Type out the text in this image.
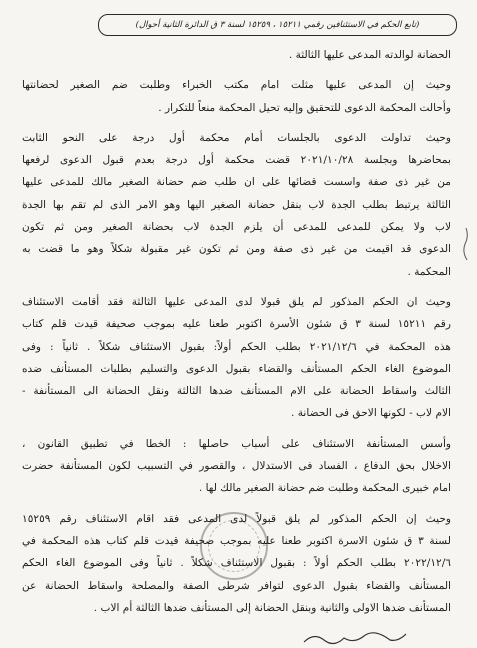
(تابع الحكم في الاستئنافين رقمي ١٥٢١١ ، ١٥٢٥٩ لسنة ٣ ق الدائرة الثانية أحوال)
الحضانة لوالدته المدعى عليها الثالثة .
وحيث إن المدعى عليها مثلت امام مكتب الخبراء وطلبت ضم الصغير لحضانتها
وأحالت المحكمة الدعوى للتحقيق وإليه تحيل المحكمة منعاً للتكرار .
وحيث تداولت الدعوى بالجلسات أمام محكمة أول درجة على النحو الثابت
بمحاضرها وبجلسة ٢٠٢١/١٠/٢٨ قضت محكمة أول درجة بعدم قبول الدعوى لرفعها
من غير ذى صفة واسست قضائها على ان طلب ضم حضانة الصغير مالك للمدعى عليها
الثالثة يرتبط بطلب الجدة لاب بنقل حضانة الصغير اليها وهو الامر الذى لم تقم بها الجدة
لاب ولا يمكن للمدعى للمدعى أن يلزم الجدة لاب بحضانة الصغير ومن ثم تكون
الدعوى قد اقيمت من غير ذى صفة ومن ثم تكون غير مقبولة شكلاً وهو ما قضت به
المحكمة .
وحيث ان الحكم المذكور لم يلق قبولا لدى المدعى عليها الثالثة فقد أقامت الاستئناف
رقم ١٥٢١١ لسنة ٣ ق شئون الأسرة اكتوبر طعنا عليه بموجب صحيفة قيدت قلم كتاب
هذه المحكمة في ٢٠٢١/١٢/٦ بطلب الحكم أولاً: بقبول الاستئناف شكلاً . ثانياً : وفى
الموضوع الغاء الحكم المستأنف والقضاء بقبول الدعوى والتسليم بطلبات المستأنف ضده
الثالث واسقاط الحضانة على الام المستأنف ضدها الثالثة ونقل الحضانة الى المستأنفة -
الام لاب - لكونها الاحق فى الحضانة .
وأسس المستأنفة الاستئناف على أسباب حاصلها : الخطا في تطبيق القانون ،
الاخلال بحق الدفاع ، الفساد فى الاستدلال ، والقصور في التسبيب لكون المستأنفة حضرت
امام خبيرى المحكمة وطلبت ضم حضانة الصغير مالك لها .
وحيث إن الحكم المذكور لم يلق قبولاً لدى المدعى فقد اقام الاستئناف رقم ١٥٢٥٩
لسنة ٣ ق شئون الاسرة اكتوبر طعنا عليه بموجب صحيفة قيدت قلم كتاب هذه المحكمة في
٢٠٢٢/١٢/٦ بطلب الحكم أولاً : بقبول الاستئناف شكلاً . ثانياً وفى الموضوع الغاء الحكم
المستأنف والقضاء بقبول الدعوى لتوافر شرطى الصفة والمصلحة واسقاط الحضانة عن
المستأنف ضدها الاولى والثانية وبنقل الحضانة إلى المستأنف ضدها الثالثة أم الاب .
